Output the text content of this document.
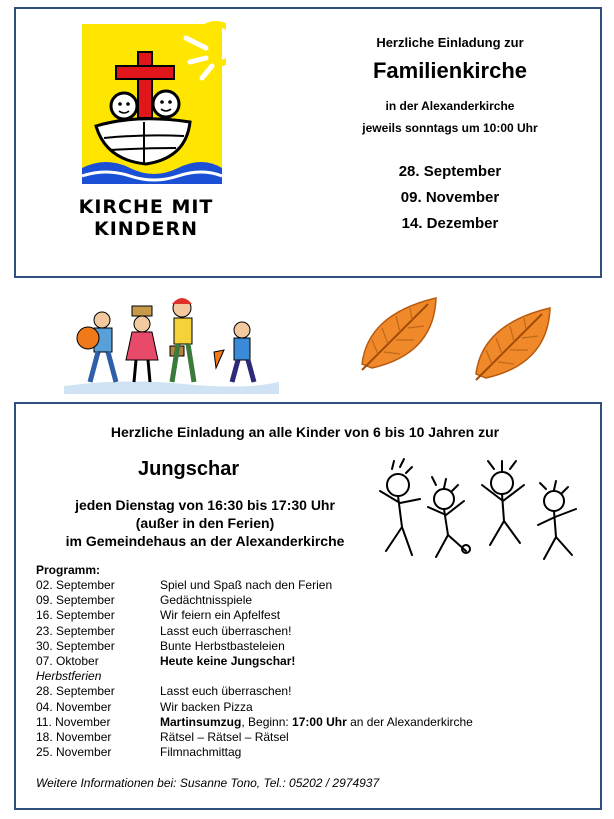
KIRCHE MIT
KINDERN
Herzliche Einladung zur
Familienkirche
in der Alexanderkirche
jeweils sonntags um 10:00 Uhr
28. September
09. November
14. Dezember
Herzliche Einladung an alle Kinder von 6 bis 10 Jahren zur
Jungschar
jeden Dienstag von 16:30 bis 17:30 Uhr
(außer in den Ferien)
im Gemeindehaus an der Alexanderkirche
Programm:
02. September	Spiel und Spaß nach den Ferien
09. September	Gedächtnisspiele
16. September	Wir feiern ein Apfelfest
23. September	Lasst euch überraschen!
30. September	Bunte Herbstbasteleien
07. Oktober	Heute keine Jungschar!
Herbstferien
28. September	Lasst euch überraschen!
04. November	Wir backen Pizza
11. November	Martinsumzug, Beginn: 17:00 Uhr an der Alexanderkirche
18. November	Rätsel – Rätsel – Rätsel
25. November	Filmnachmittag
Weitere Informationen bei: Susanne Tono, Tel.: 05202 / 2974937
